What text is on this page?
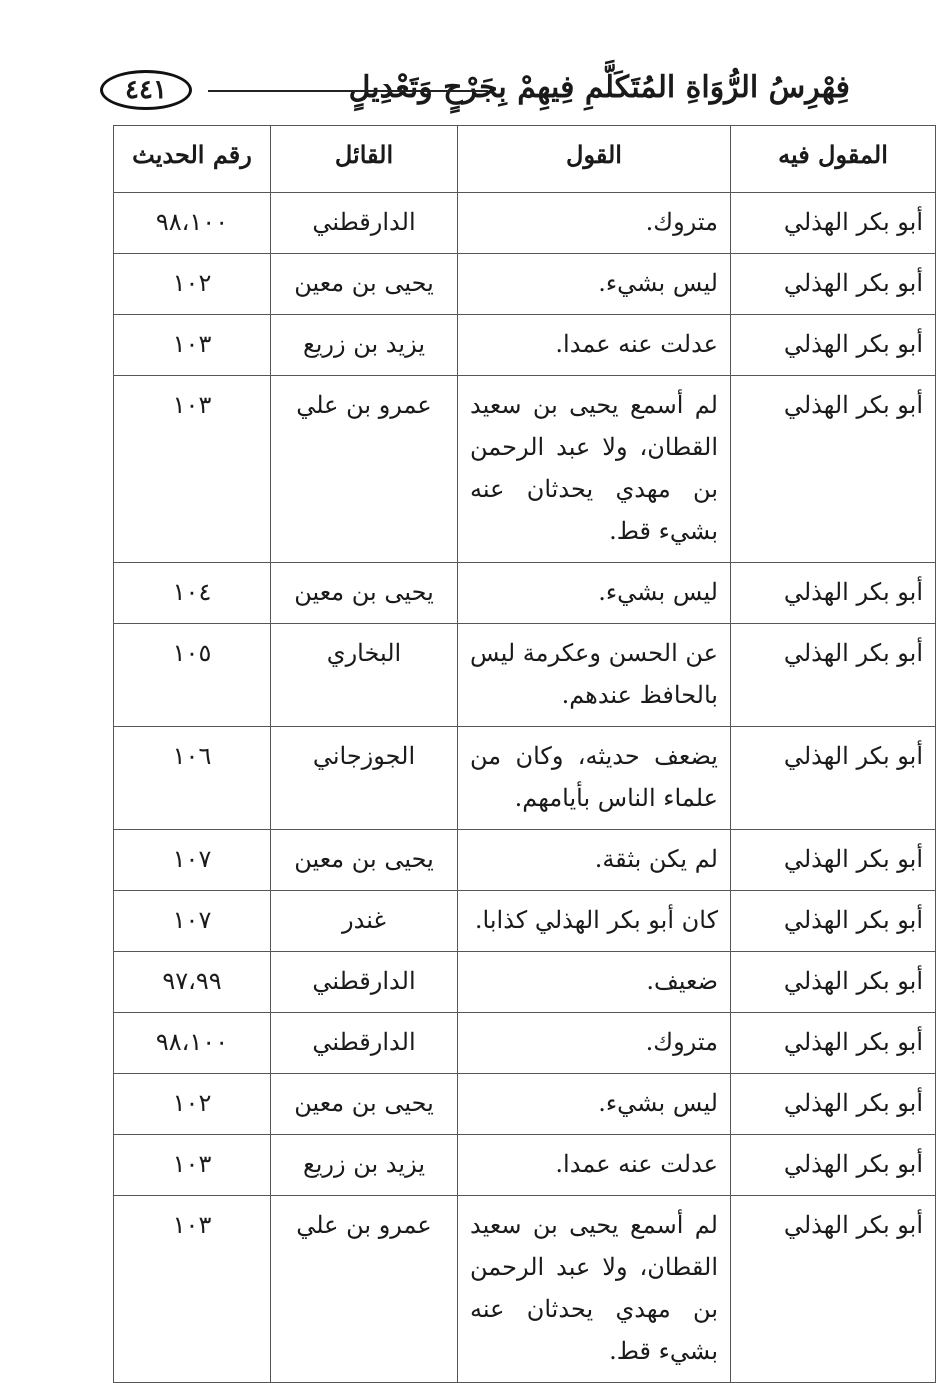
فِهْرِسُ الرُّوَاةِ المُتَكَلَّمِ فِيهِمْ بِجَرْحٍ وَتَعْدِيلٍ
٤٤١
المقول فيه	القول	القائل	رقم الحديث
أبو بكر الهذلي	متروك.	الدارقطني	٩٨،١٠٠
أبو بكر الهذلي	ليس بشيء.	يحيى بن معين	١٠٢
أبو بكر الهذلي	عدلت عنه عمدا.	يزيد بن زريع	١٠٣
أبو بكر الهذلي	لم أسمع يحيى بن سعيد القطان، ولا عبد الرحمن بن مهدي يحدثان عنه بشيء قط.	عمرو بن علي	١٠٣
أبو بكر الهذلي	ليس بشيء.	يحيى بن معين	١٠٤
أبو بكر الهذلي	عن الحسن وعكرمة ليس بالحافظ عندهم.	البخاري	١٠٥
أبو بكر الهذلي	يضعف حديثه، وكان من علماء الناس بأيامهم.	الجوزجاني	١٠٦
أبو بكر الهذلي	لم يكن بثقة.	يحيى بن معين	١٠٧
أبو بكر الهذلي	كان أبو بكر الهذلي كذابا.	غندر	١٠٧
أبو بكر الهذلي	ضعيف.	الدارقطني	٩٧،٩٩
أبو بكر الهذلي	متروك.	الدارقطني	٩٨،١٠٠
أبو بكر الهذلي	ليس بشيء.	يحيى بن معين	١٠٢
أبو بكر الهذلي	عدلت عنه عمدا.	يزيد بن زريع	١٠٣
أبو بكر الهذلي	لم أسمع يحيى بن سعيد القطان، ولا عبد الرحمن بن مهدي يحدثان عنه بشيء قط.	عمرو بن علي	١٠٣
